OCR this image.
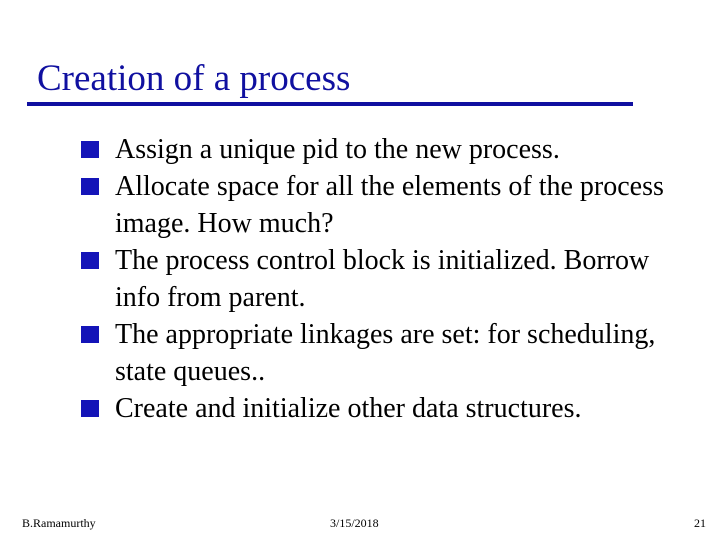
Creation of a process
Assign a unique pid to the new process.
Allocate space for all the elements of the process image. How much?
The process control block is initialized. Borrow info from parent.
The appropriate linkages are set: for scheduling, state queues..
Create and initialize other data structures.
B.Ramamurthy	3/15/2018	21
